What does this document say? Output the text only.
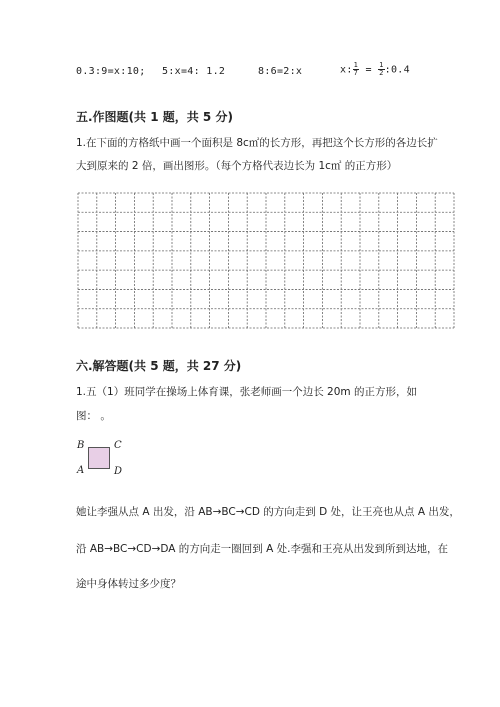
0.3:9=x:10; 5:x=4: 1.2	8:6=2:x	x: $\frac{1}{7} = \frac{1}{2}$ :0.4
五.作图题(共 1 题，共 5 分)
1.在下面的方格纸中画一个面积是 8c㎡的长方形，再把这个长方形的各边长扩
大到原来的 2 倍，画出图形。（每个方格代表边长为 1c㎡ 的正方形）
六.解答题(共 5 题，共 27 分)
1.五（1）班同学在操场上体育课，张老师画一个边长 20m 的正方形，如
图： 。
B	C
A	D
她让李强从点 A 出发，沿 AB→BC→CD 的方向走到 D 处，让王亮也从点 A 出发，
沿 AB→BC→CD→DA 的方向走一圈回到 A 处.李强和王亮从出发到所到达地，在
途中身体转过多少度？
